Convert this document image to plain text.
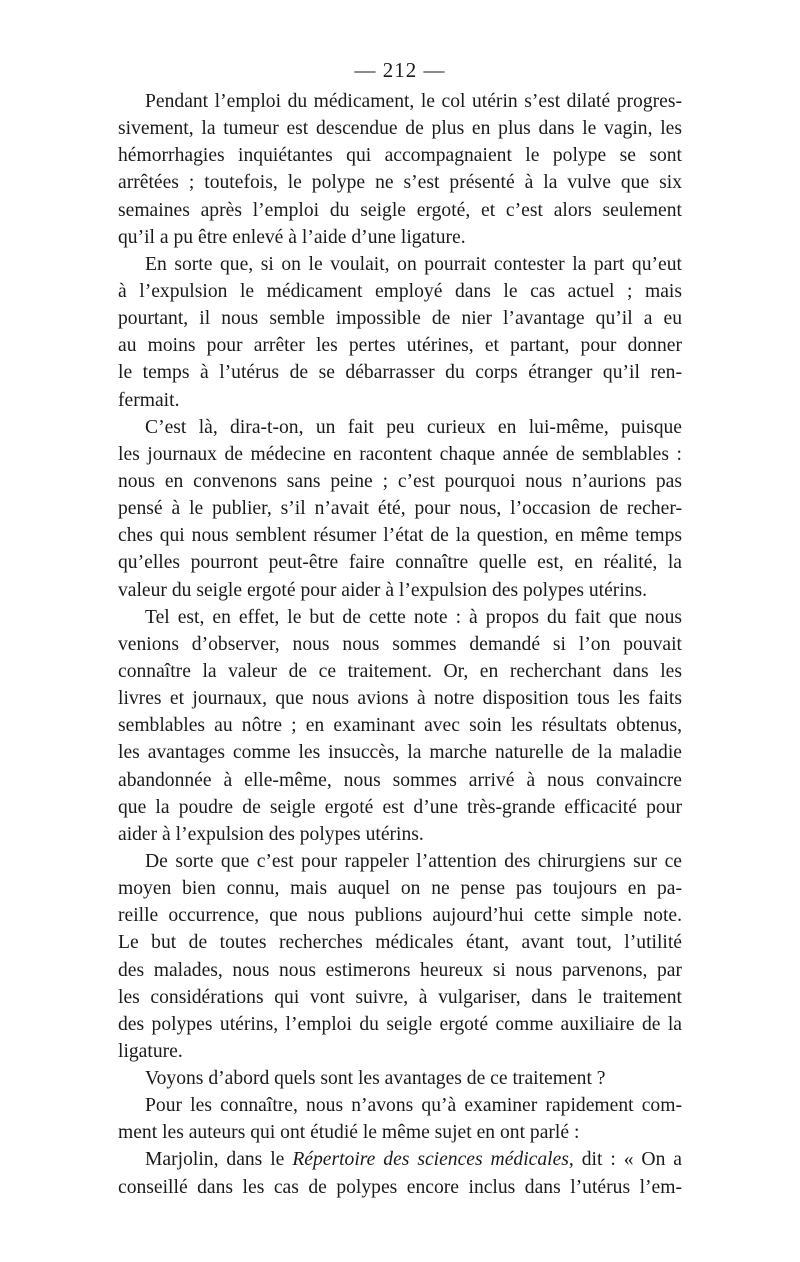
— 212 —
Pendant l’emploi du médicament, le col utérin s’est dilaté progres-
sivement, la tumeur est descendue de plus en plus dans le vagin, les
hémorrhagies inquiétantes qui accompagnaient le polype se sont
arrêtées ; toutefois, le polype ne s’est présenté à la vulve que six
semaines après l’emploi du seigle ergoté, et c’est alors seulement
qu’il a pu être enlevé à l’aide d’une ligature.
En sorte que, si on le voulait, on pourrait contester la part qu’eut
à l’expulsion le médicament employé dans le cas actuel ; mais
pourtant, il nous semble impossible de nier l’avantage qu’il a eu
au moins pour arrêter les pertes utérines, et partant, pour donner
le temps à l’utérus de se débarrasser du corps étranger qu’il ren-
fermait.
C’est là, dira-t-on, un fait peu curieux en lui-même, puisque
les journaux de médecine en racontent chaque année de semblables :
nous en convenons sans peine ; c’est pourquoi nous n’aurions pas
pensé à le publier, s’il n’avait été, pour nous, l’occasion de recher-
ches qui nous semblent résumer l’état de la question, en même temps
qu’elles pourront peut-être faire connaître quelle est, en réalité, la
valeur du seigle ergoté pour aider à l’expulsion des polypes utérins.
Tel est, en effet, le but de cette note : à propos du fait que nous
venions d’observer, nous nous sommes demandé si l’on pouvait
connaître la valeur de ce traitement. Or, en recherchant dans les
livres et journaux, que nous avions à notre disposition tous les faits
semblables au nôtre ; en examinant avec soin les résultats obtenus,
les avantages comme les insuccès, la marche naturelle de la maladie
abandonnée à elle-même, nous sommes arrivé à nous convaincre
que la poudre de seigle ergoté est d’une très-grande efficacité pour
aider à l’expulsion des polypes utérins.
De sorte que c’est pour rappeler l’attention des chirurgiens sur ce
moyen bien connu, mais auquel on ne pense pas toujours en pa-
reille occurrence, que nous publions aujourd’hui cette simple note.
Le but de toutes recherches médicales étant, avant tout, l’utilité
des malades, nous nous estimerons heureux si nous parvenons, par
les considérations qui vont suivre, à vulgariser, dans le traitement
des polypes utérins, l’emploi du seigle ergoté comme auxiliaire de la
ligature.
Voyons d’abord quels sont les avantages de ce traitement ?
Pour les connaître, nous n’avons qu’à examiner rapidement com-
ment les auteurs qui ont étudié le même sujet en ont parlé :
Marjolin, dans le Répertoire des sciences médicales, dit : « On a
conseillé dans les cas de polypes encore inclus dans l’utérus l’em-
